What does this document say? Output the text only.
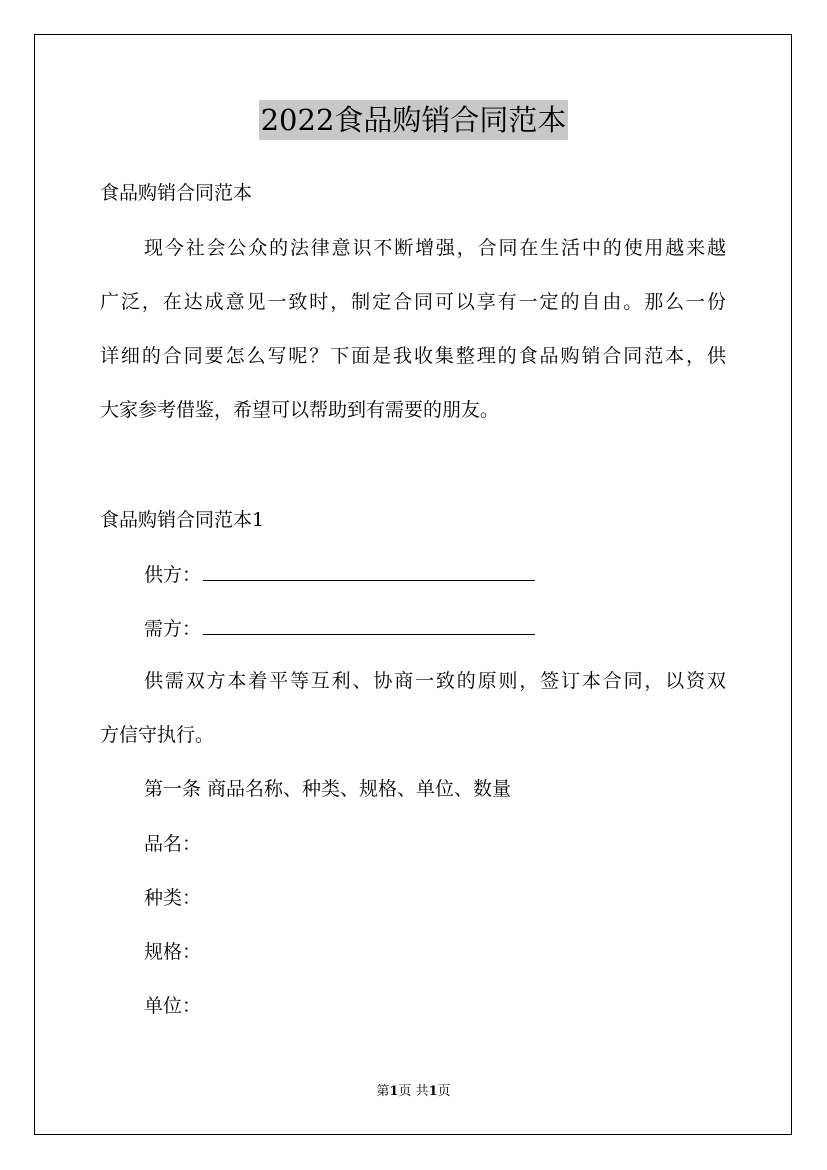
2022食品购销合同范本
食品购销合同范本
现今社会公众的法律意识不断增强，合同在生活中的使用越来越
广泛，在达成意见一致时，制定合同可以享有一定的自由。那么一份
详细的合同要怎么写呢？下面是我收集整理的食品购销合同范本，供
大家参考借鉴，希望可以帮助到有需要的朋友。
食品购销合同范本1
供方：
需方：
供需双方本着平等互利、协商一致的原则，签订本合同，以资双
方信守执行。
第一条 商品名称、种类、规格、单位、数量
品名：
种类：
规格：
单位：
第1页 共1页
